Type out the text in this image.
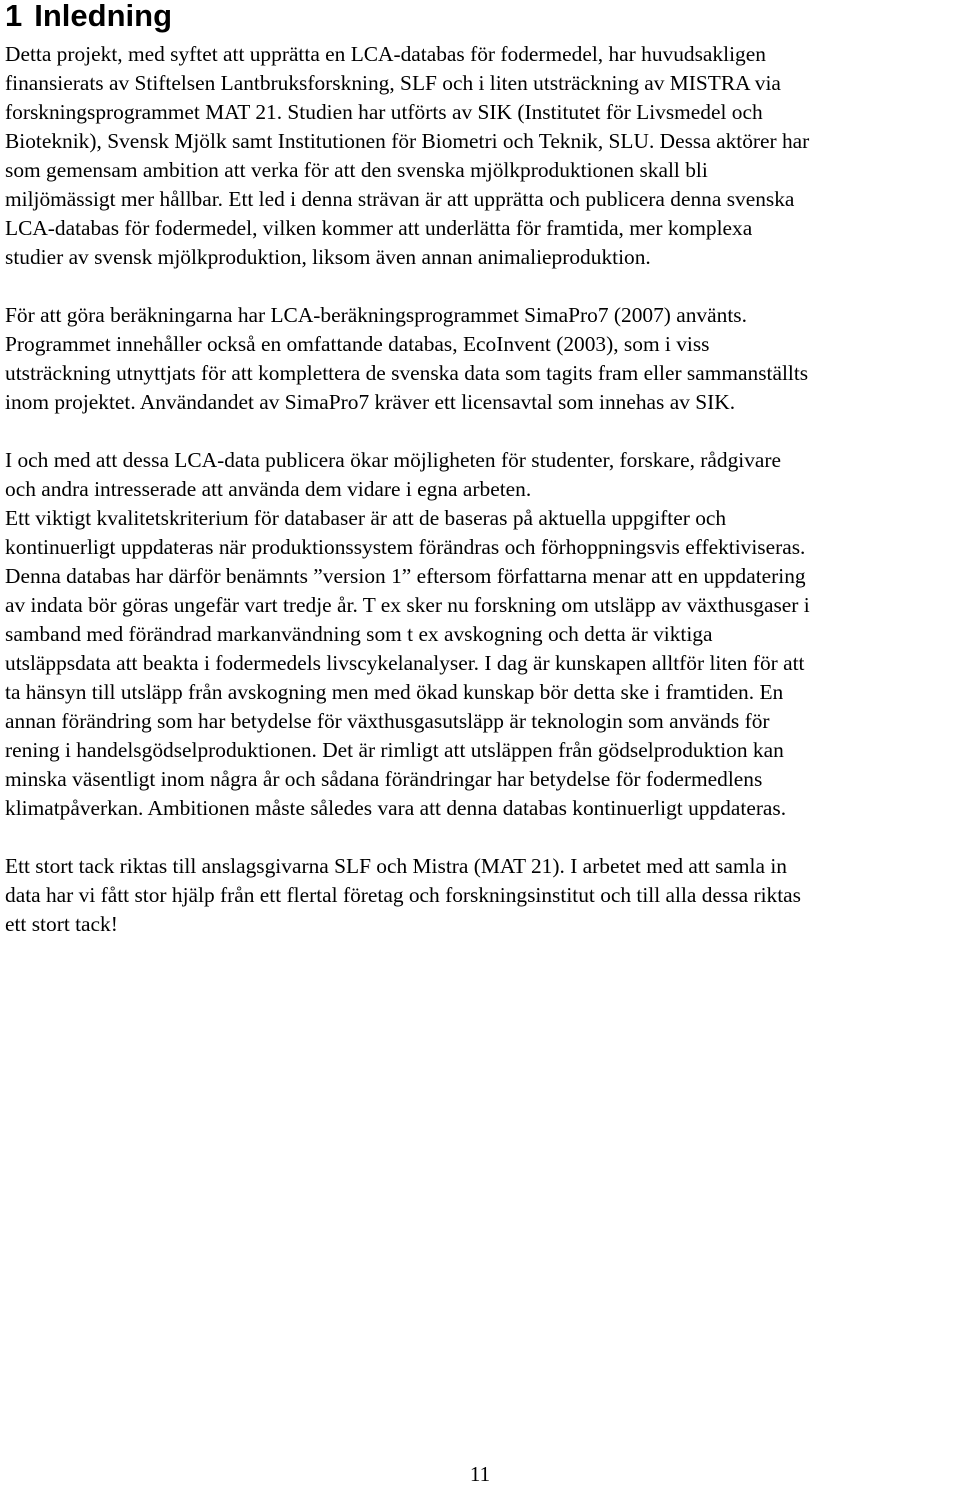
1 Inledning

Detta projekt, med syftet att upprätta en LCA-databas för fodermedel, har huvudsakligen

finansierats av Stiftelsen Lantbruksforskning, SLF och i liten utsträckning av MISTRA via

forskningsprogrammet MAT 21. Studien har utförts av SIK (Institutet för Livsmedel och

Bioteknik), Svensk Mjölk samt Institutionen för Biometri och Teknik, SLU. Dessa aktörer har

som gemensam ambition att verka för att den svenska mjölkproduktionen skall bli

miljömässigt mer hållbar. Ett led i denna strävan är att upprätta och publicera denna svenska

LCA-databas för fodermedel, vilken kommer att underlätta för framtida, mer komplexa

studier av svensk mjölkproduktion, liksom även annan animalieproduktion.

För att göra beräkningarna har LCA-beräkningsprogrammet SimaPro7 (2007) använts.

Programmet innehåller också en omfattande databas, EcoInvent (2003), som i viss

utsträckning utnyttjats för att komplettera de svenska data som tagits fram eller sammanställts

inom projektet. Användandet av SimaPro7 kräver ett licensavtal som innehas av SIK.

I och med att dessa LCA-data publicera ökar möjligheten för studenter, forskare, rådgivare

och andra intresserade att använda dem vidare i egna arbeten.

Ett viktigt kvalitetskriterium för databaser är att de baseras på aktuella uppgifter och

kontinuerligt uppdateras när produktionssystem förändras och förhoppningsvis effektiviseras.

Denna databas har därför benämnts ”version 1” eftersom författarna menar att en uppdatering

av indata bör göras ungefär vart tredje år. T ex sker nu forskning om utsläpp av växthusgaser i

samband med förändrad markanvändning som t ex avskogning och detta är viktiga

utsläppsdata att beakta i fodermedels livscykelanalyser. I dag är kunskapen alltför liten för att

ta hänsyn till utsläpp från avskogning men med ökad kunskap bör detta ske i framtiden. En

annan förändring som har betydelse för växthusgasutsläpp är teknologin som används för

rening i handelsgödselproduktionen. Det är rimligt att utsläppen från gödselproduktion kan

minska väsentligt inom några år och sådana förändringar har betydelse för fodermedlens

klimatpåverkan. Ambitionen måste således vara att denna databas kontinuerligt uppdateras.

Ett stort tack riktas till anslagsgivarna SLF och Mistra (MAT 21). I arbetet med att samla in

data har vi fått stor hjälp från ett flertal företag och forskningsinstitut och till alla dessa riktas

ett stort tack!

11
